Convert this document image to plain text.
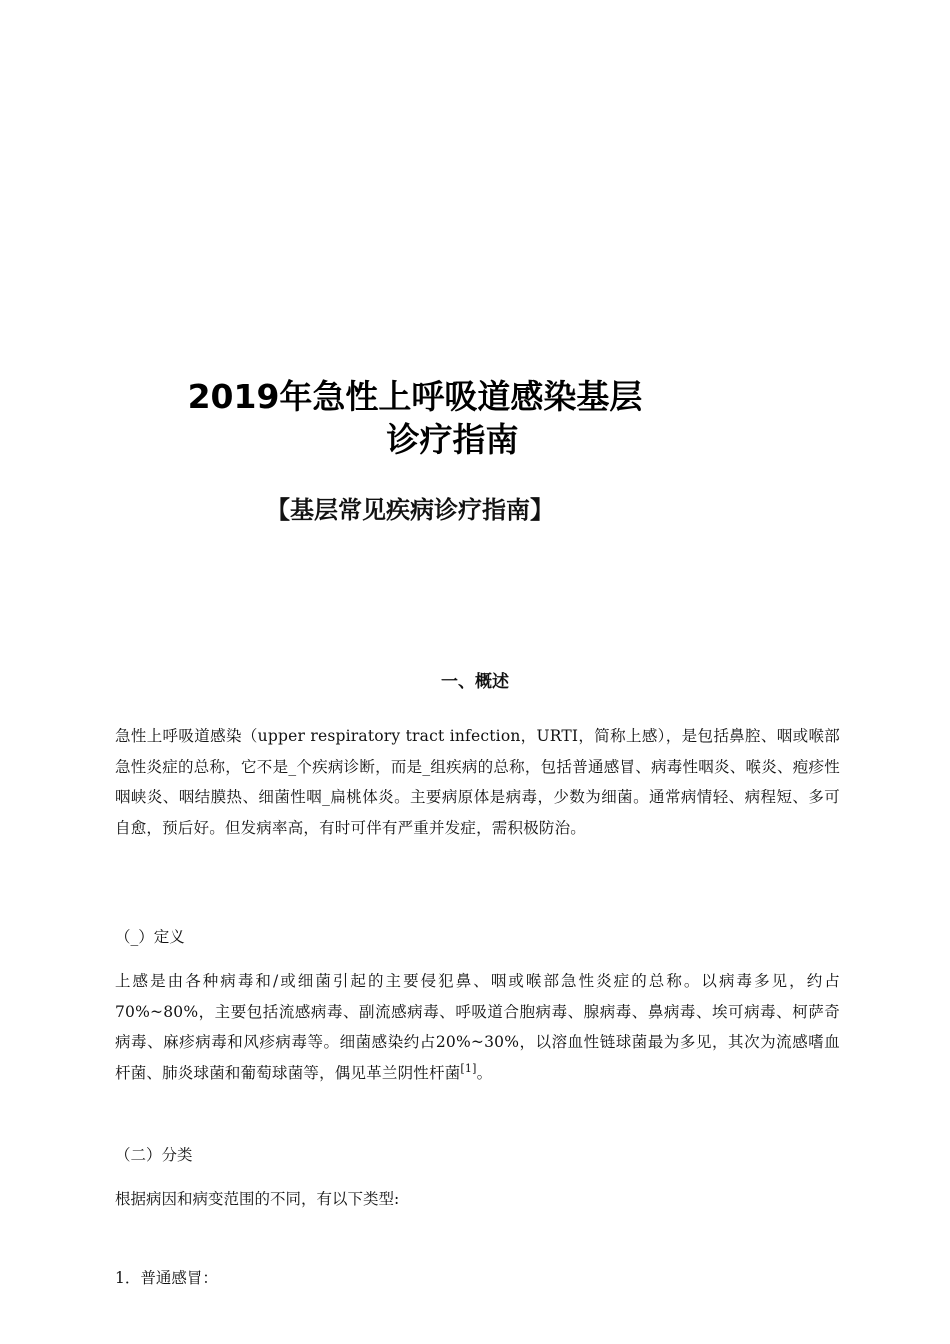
2019年急性上呼吸道感染基层
诊疗指南
【基层常见疾病诊疗指南】
一、概述

急性上呼吸道感染（upper respiratory tract infection，URTI，简称上感），是包括鼻腔、咽或喉部急性炎症的总称，它不是_个疾病诊断，而是_组疾病的总称，包括普通感冒、病毒性咽炎、喉炎、疱疹性咽峡炎、咽结膜热、细菌性咽_扁桃体炎。主要病原体是病毒，少数为细菌。通常病情轻、病程短、多可自愈，预后好。但发病率高，有时可伴有严重并发症，需积极防治。

（_）定义

上感是由各种病毒和/或细菌引起的主要侵犯鼻、咽或喉部急性炎症的总称。以病毒多见，约占70%~80%，主要包括流感病毒、副流感病毒、呼吸道合胞病毒、腺病毒、鼻病毒、埃可病毒、柯萨奇病毒、麻疹病毒和风疹病毒等。细菌感染约占20%~30%，以溶血性链球菌最为多见，其次为流感嗜血杆菌、肺炎球菌和葡萄球菌等，偶见革兰阴性杆菌[1]。

（二）分类

根据病因和病变范围的不同，有以下类型:

1．普通感冒：
